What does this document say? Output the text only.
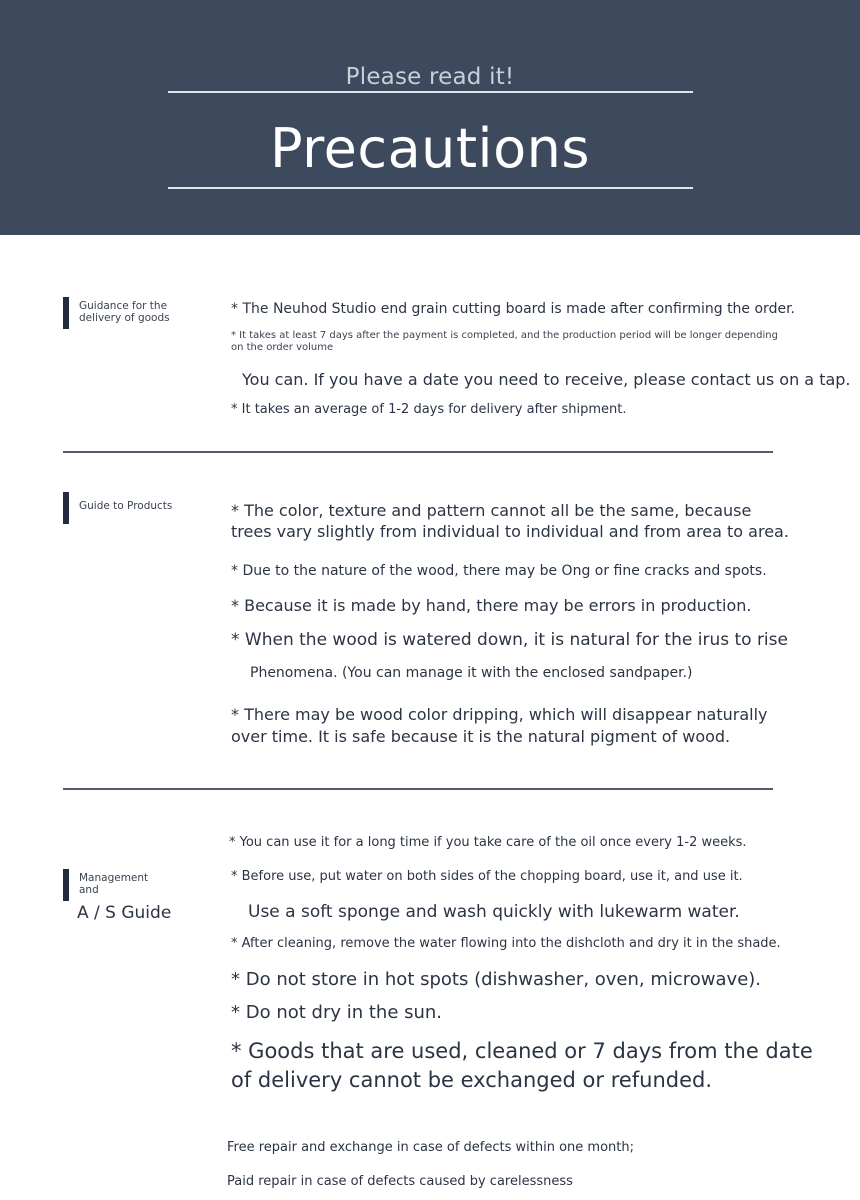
Please read it!
Precautions
Guidance for the
delivery of goods
* The Neuhod Studio end grain cutting board is made after confirming the order.
* It takes at least 7 days after the payment is completed, and the production period will be longer depending on the order volume
You can. If you have a date you need to receive, please contact us on a tap.
* It takes an average of 1-2 days for delivery after shipment.
Guide to Products	* The color, texture and pattern cannot all be the same, because
trees vary slightly from individual to individual and from area to area.
* Due to the nature of the wood, there may be Ong or fine cracks and spots.
* Because it is made by hand, there may be errors in production.
* When the wood is watered down, it is natural for the irus to rise
Phenomena. (You can manage it with the enclosed sandpaper.)
* There may be wood color dripping, which will disappear naturally
over time. It is safe because it is the natural pigment of wood.
Management
and
A / S Guide
* You can use it for a long time if you take care of the oil once every 1-2 weeks.
* Before use, put water on both sides of the chopping board, use it, and use it.
Use a soft sponge and wash quickly with lukewarm water.
* After cleaning, remove the water flowing into the dishcloth and dry it in the shade.
* Do not store in hot spots (dishwasher, oven, microwave).
* Do not dry in the sun.
* Goods that are used, cleaned or 7 days from the date
of delivery cannot be exchanged or refunded.
Free repair and exchange in case of defects within one month;
Paid repair in case of defects caused by carelessness
